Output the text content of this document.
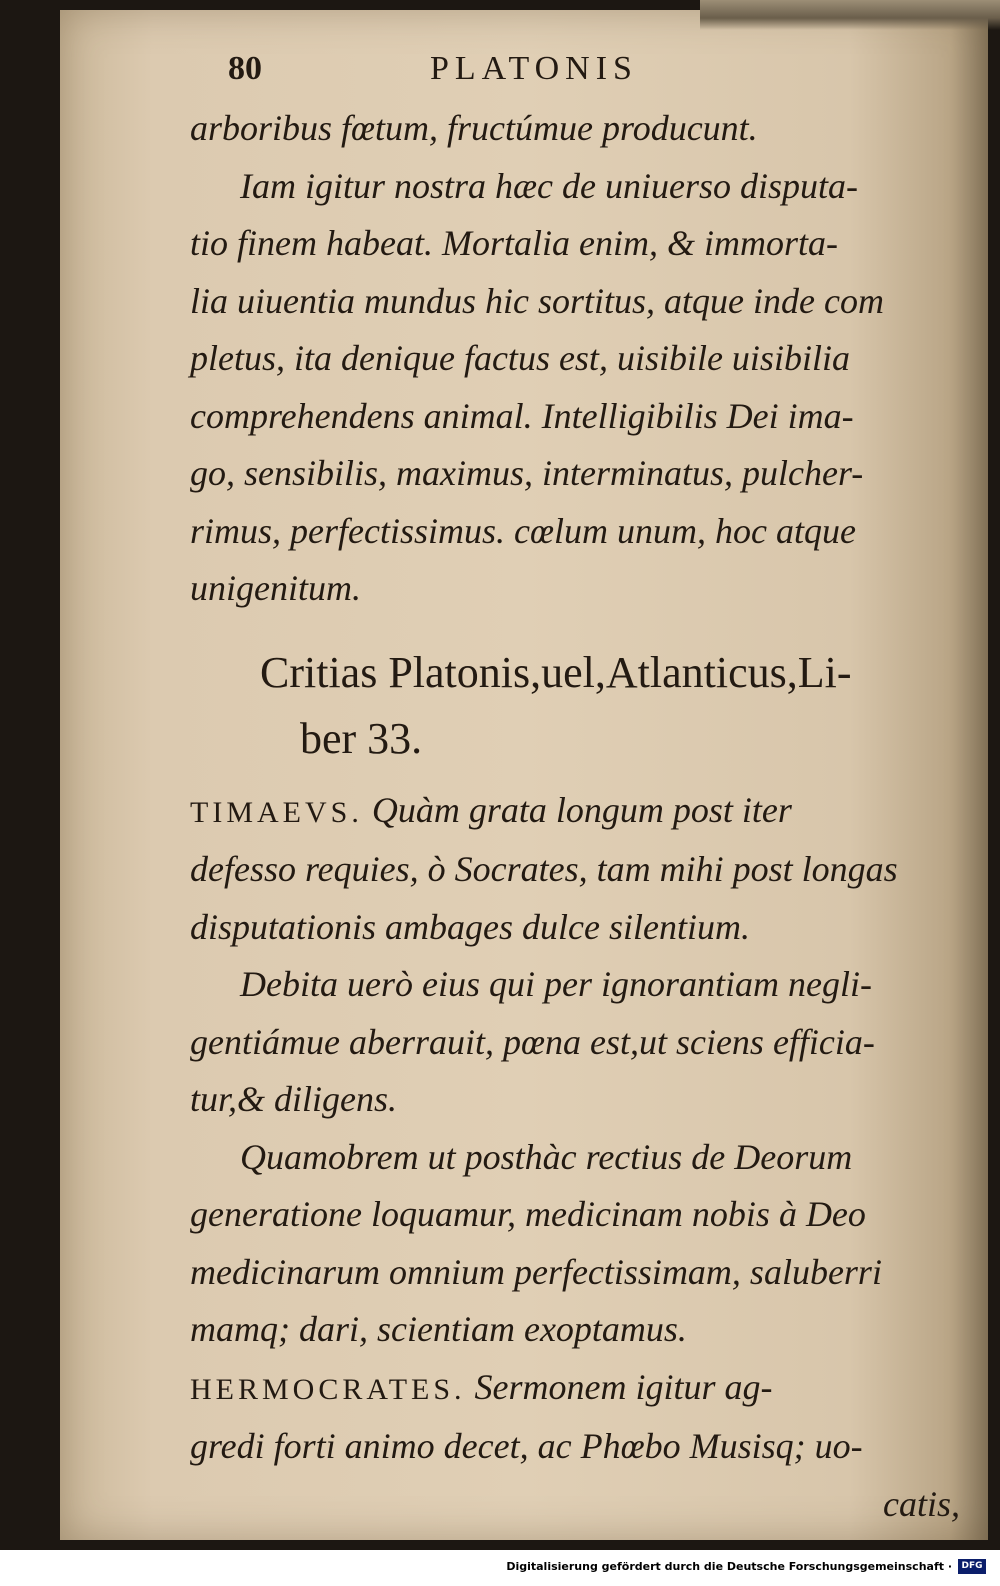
80	PLATONIS

arboribus fœtum, fructúmue producunt.

Iam igitur nostra hæc de uniuerso disputa-
tio finem habeat. Mortalia enim, & immorta-
lia uiuentia mundus hic sortitus, atque inde com
pletus, ita denique factus est, uisibile uisibilia
comprehendens animal. Intelligibilis Dei ima-
go, sensibilis, maximus, interminatus, pulcher-
rimus, perfectissimus. cœlum unum, hoc atque
unigenitum.

Critias Platonis,uel,Atlanticus,Li-
ber 33.

TIMAEVS. Quàm grata longum post iter
defesso requies, ò Socrates, tam mihi post longas
disputationis ambages dulce silentium.

Debita uerò eius qui per ignorantiam negli-
gentiámue aberrauit, pœna est,ut sciens efficia-
tur,& diligens.

Quamobrem ut posthàc rectius de Deorum
generatione loquamur, medicinam nobis à Deo
medicinarum omnium perfectissimam, saluberri
mamq; dari, scientiam exoptamus.

HERMOCRATES. Sermonem igitur ag-
gredi forti animo decet, ac Phœbo Musisq; uo-
catis,

Digitalisierung gefördert durch die Deutsche Forschungsgemeinschaft ·	DFG
